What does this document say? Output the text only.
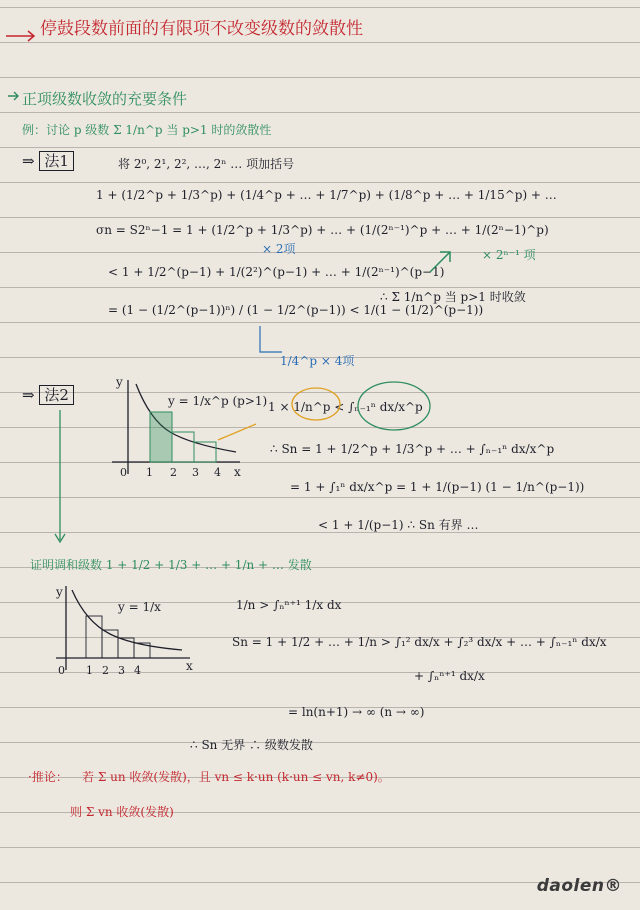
停鼓段数前面的有限项不改变级数的敛散性
正项级数收敛的充要条件
例：讨论 p 级数 Σ 1/n^p 当 p>1 时的敛散性
⇒ 法1	将 2⁰, 2¹, 2², …, 2ⁿ … 项加括号
1 + (1/2^p + 1/3^p) + (1/4^p + … + 1/7^p) + (1/8^p + … + 1/15^p) + …
σn = S2ⁿ−1 = 1 + (1/2^p + 1/3^p) + … + (1/(2ⁿ⁻¹)^p + … + 1/(2ⁿ−1)^p)
× 2项	× 2ⁿ⁻¹ 项
< 1 + 1/2^(p−1) + 1/(2²)^(p−1) + … + 1/(2ⁿ⁻¹)^(p−1)
= (1 − (1/2^(p−1))ⁿ) / (1 − 1/2^(p−1)) < 1/(1 − (1/2)^(p−1))
∴ Σ 1/n^p 当 p>1 时收敛
1/4^p × 4项
⇒ 法2	y = 1/x^p (p>1) 1 × 1/n^p < ∫ₙ₋₁ⁿ dx/x^p
∴ Sn = 1 + 1/2^p + 1/3^p + … + ∫ₙ₋₁ⁿ dx/x^p
= 1 + ∫₁ⁿ dx/x^p = 1 + 1/(p−1) (1 − 1/n^(p−1))
< 1 + 1/(p−1) ∴ Sn 有界 …
证明调和级数 1 + 1/2 + 1/3 + … + 1/n + … 发散
y = 1/x	1/n > ∫ₙⁿ⁺¹ 1/x dx
Sn = 1 + 1/2 + … + 1/n > ∫₁² dx/x + ∫₂³ dx/x + … + ∫ₙ₋₁ⁿ dx/x
+ ∫ₙⁿ⁺¹ dx/x
= ln(n+1) → ∞ (n → ∞)
∴ Sn 无界 ∴ 级数发散
·推论： 若 Σ un 收敛(发散)，且 vn ≤ k·un (k·un ≤ vn, k≠0)。
则 Σ vn 收敛(发散)
daolen®
y
x
0 1 2 3 4
y
x
0 1 2 3 4
